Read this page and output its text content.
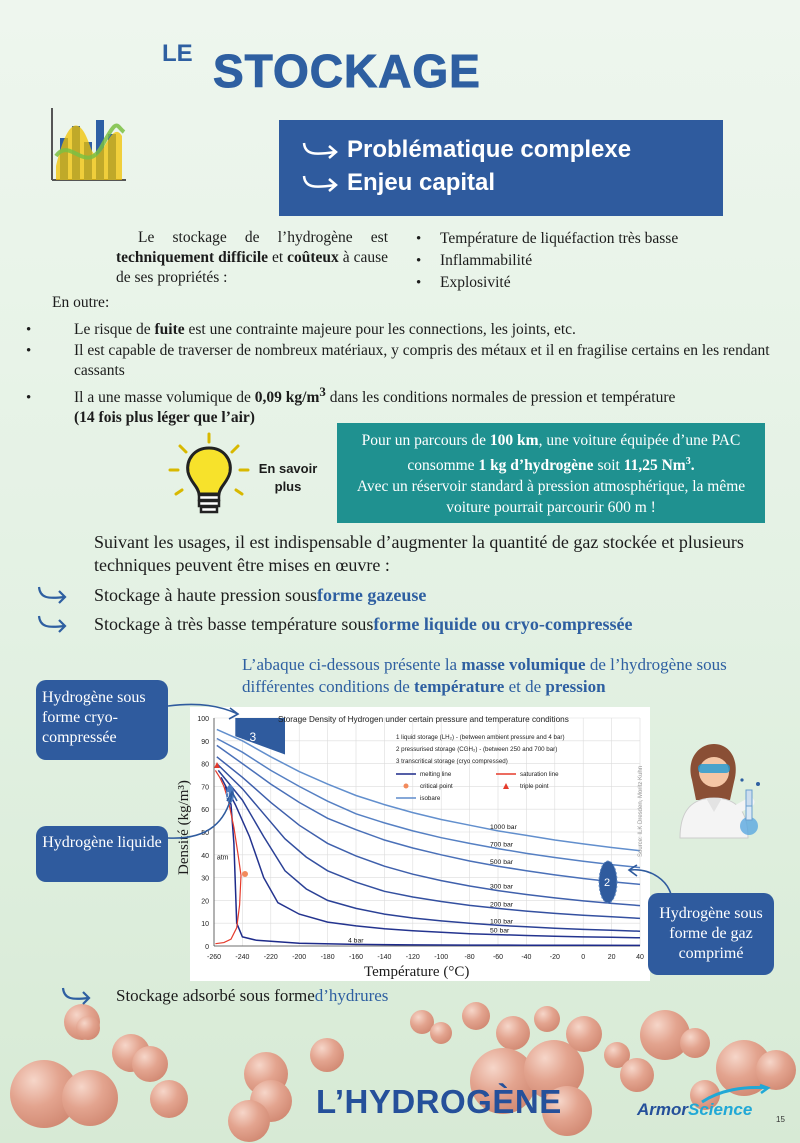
LE STOCKAGE
Problématique complexe
Enjeu capital
Le stockage de l’hydrogène est techniquement difficile et coûteux à cause de ses propriétés :
• Température de liquéfaction très basse
• Inflammabilité
• Explosivité
En outre:
• Le risque de fuite est une contrainte majeure pour les connections, les joints, etc.
• Il est capable de traverser de nombreux matériaux, y compris des métaux et il en fragilise certains en les rendant cassants
• Il a une masse volumique de 0,09 $kg/m^3$ dans les conditions normales de pression et température
(14 fois plus léger que l’air)
En savoir
plus
Pour un parcours de 100 km, une voiture équipée d’une PAC consomme 1 kg d’hydrogène soit 11,25 Nm$^3$.
Avec un réservoir standard à pression atmosphérique, la même voiture pourrait parcourir 600 m !
Suivant les usages, il est indispensable d’augmenter la quantité de gaz stockée et plusieurs techniques peuvent être mises en œuvre :
Stockage à haute pression sous forme gazeuse
Stockage à très basse température sous forme liquide ou cryo-compressée
L’abaque ci-dessous présente la masse volumique de l’hydrogène sous différentes conditions de température et de pression
3
4 bar
50 bar
100 bar
200 bar
300 bar
500 bar
700 bar
1000 bar
0
10
20
30
40
50
60
70
80
90
100
-260 -240 -220 -200 -180 -160 -140 -120 -100 -80	-60	-40	-20	0	20	40
Storage Density of Hydrogen under certain pressure and temperature conditions
1 liquid storage (LH₂) - (between ambient pressure and 4 bar)
2 pressurised storage (CGH₂) - (between 250 and 700 bar)
3 transcritical storage (cryo compressed)
melting line	saturation line
critical point	triple point
isobare	Source: ILK Dresden, Moritz Kuhn
atm
2
1
Densité (kg/m³)
Température (°C)
Hydrogène sous forme cryo-compressée
Hydrogène liquide
Hydrogène sous forme de gaz comprimé
Stockage adsorbé sous forme d’hydrures
L’HYDROGÈNE	ArmorScience
15
